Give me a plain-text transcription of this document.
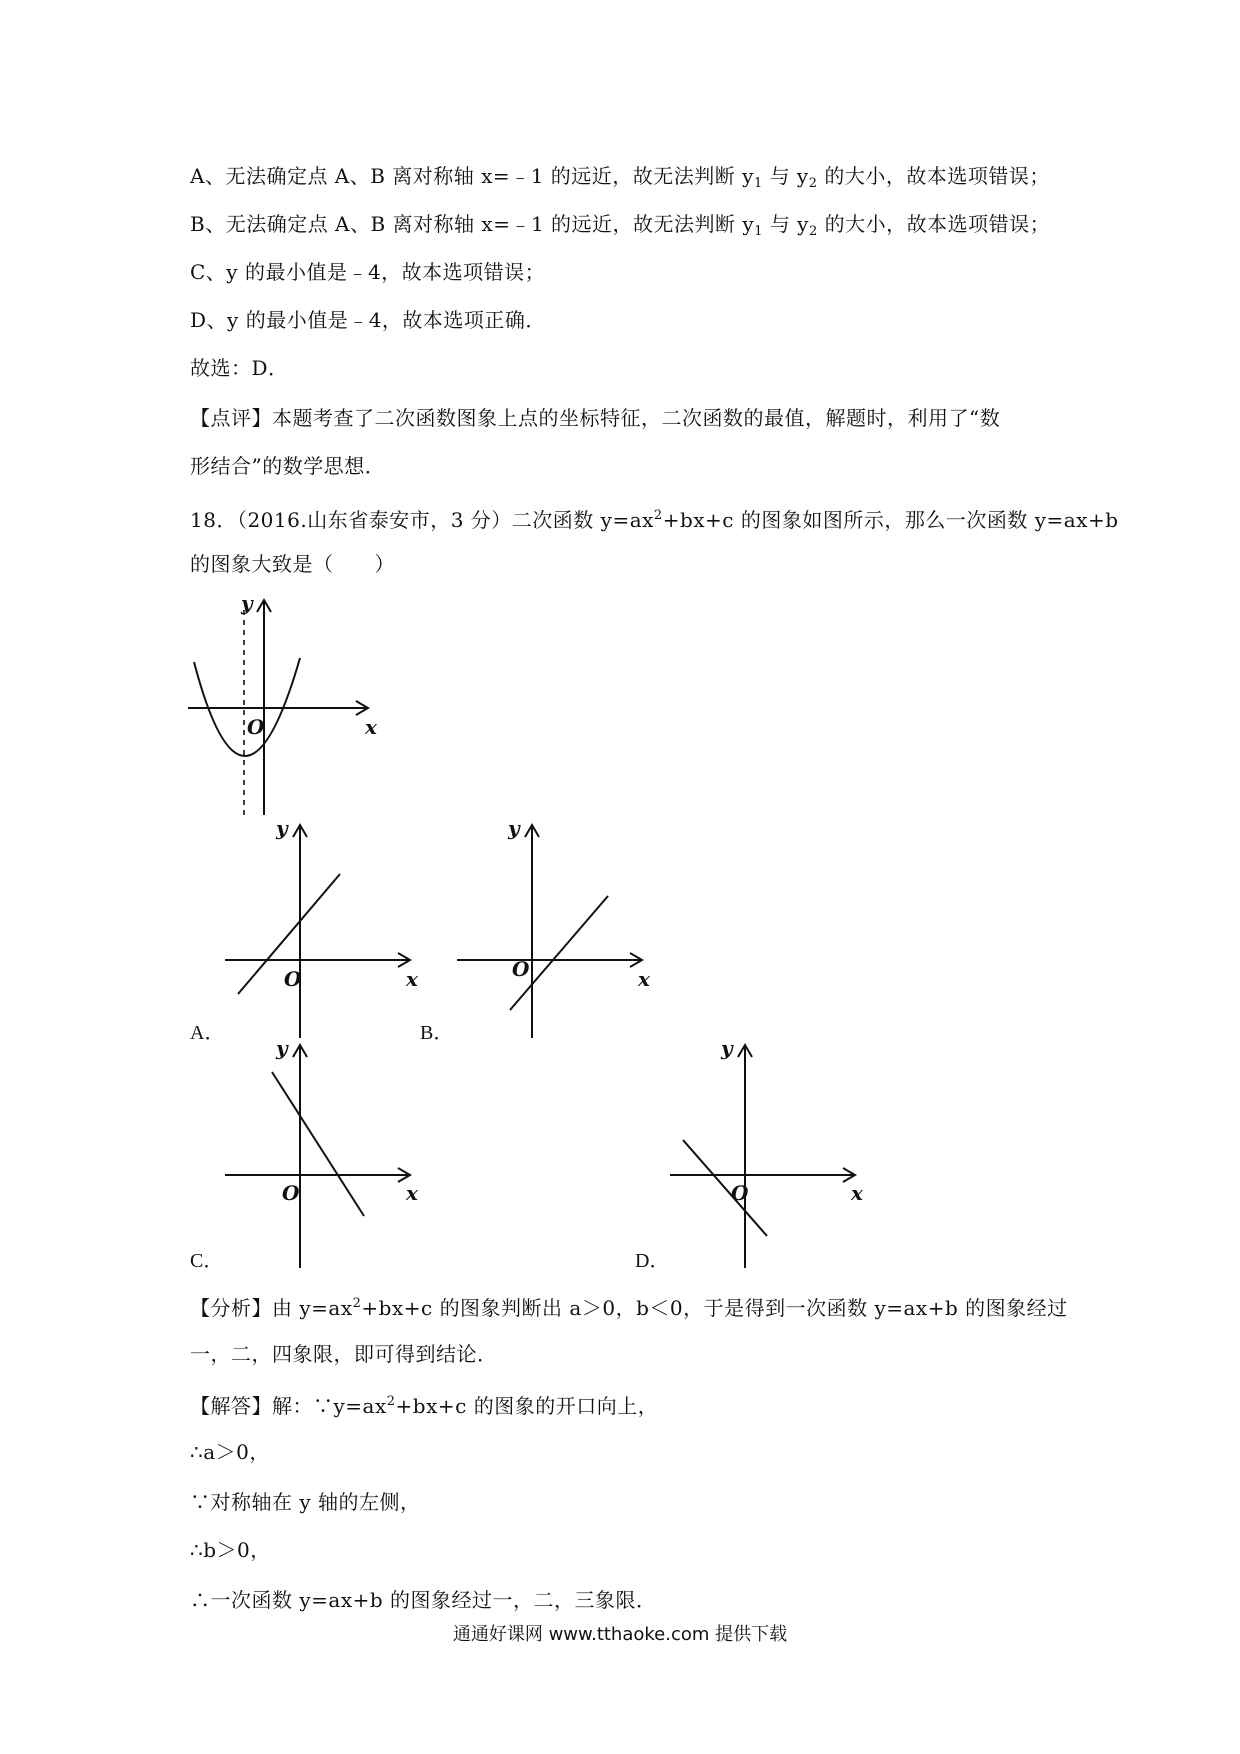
A、无法确定点 A、B 离对称轴 x=﹣1 的远近，故无法判断 $y_1$ 与 $y_2$ 的大小，故本选项错误；
B、无法确定点 A、B 离对称轴 x=﹣1 的远近，故无法判断 $y_1$ 与 $y_2$ 的大小，故本选项错误；
C、y 的最小值是﹣4，故本选项错误；
D、y 的最小值是﹣4，故本选项正确．
故选：D．
【点评】本题考查了二次函数图象上点的坐标特征，二次函数的最值，解题时，利用了“数
形结合”的数学思想．
18．（2016.山东省泰安市，3 分）二次函数 $y=ax^2+bx+c$ 的图象如图所示，那么一次函数 y=ax+b
的图象大致是（　　）
y
x
O
y
x
O
A．
y
x
O
B．
y
x
O
C．
y
x
O
D．
【分析】由 $y=ax^2+bx+c$ 的图象判断出 a＞0，b＜0，于是得到一次函数 y=ax+b 的图象经过
一，二，四象限，即可得到结论．
【解答】解：$\because y=ax^2+bx+c$ 的图象的开口向上，
∴a＞0，
∵对称轴在 y 轴的左侧，
∴b＞0，
∴一次函数 y=ax+b 的图象经过一，二，三象限．
通通好课网 www.tthaoke.com 提供下载
